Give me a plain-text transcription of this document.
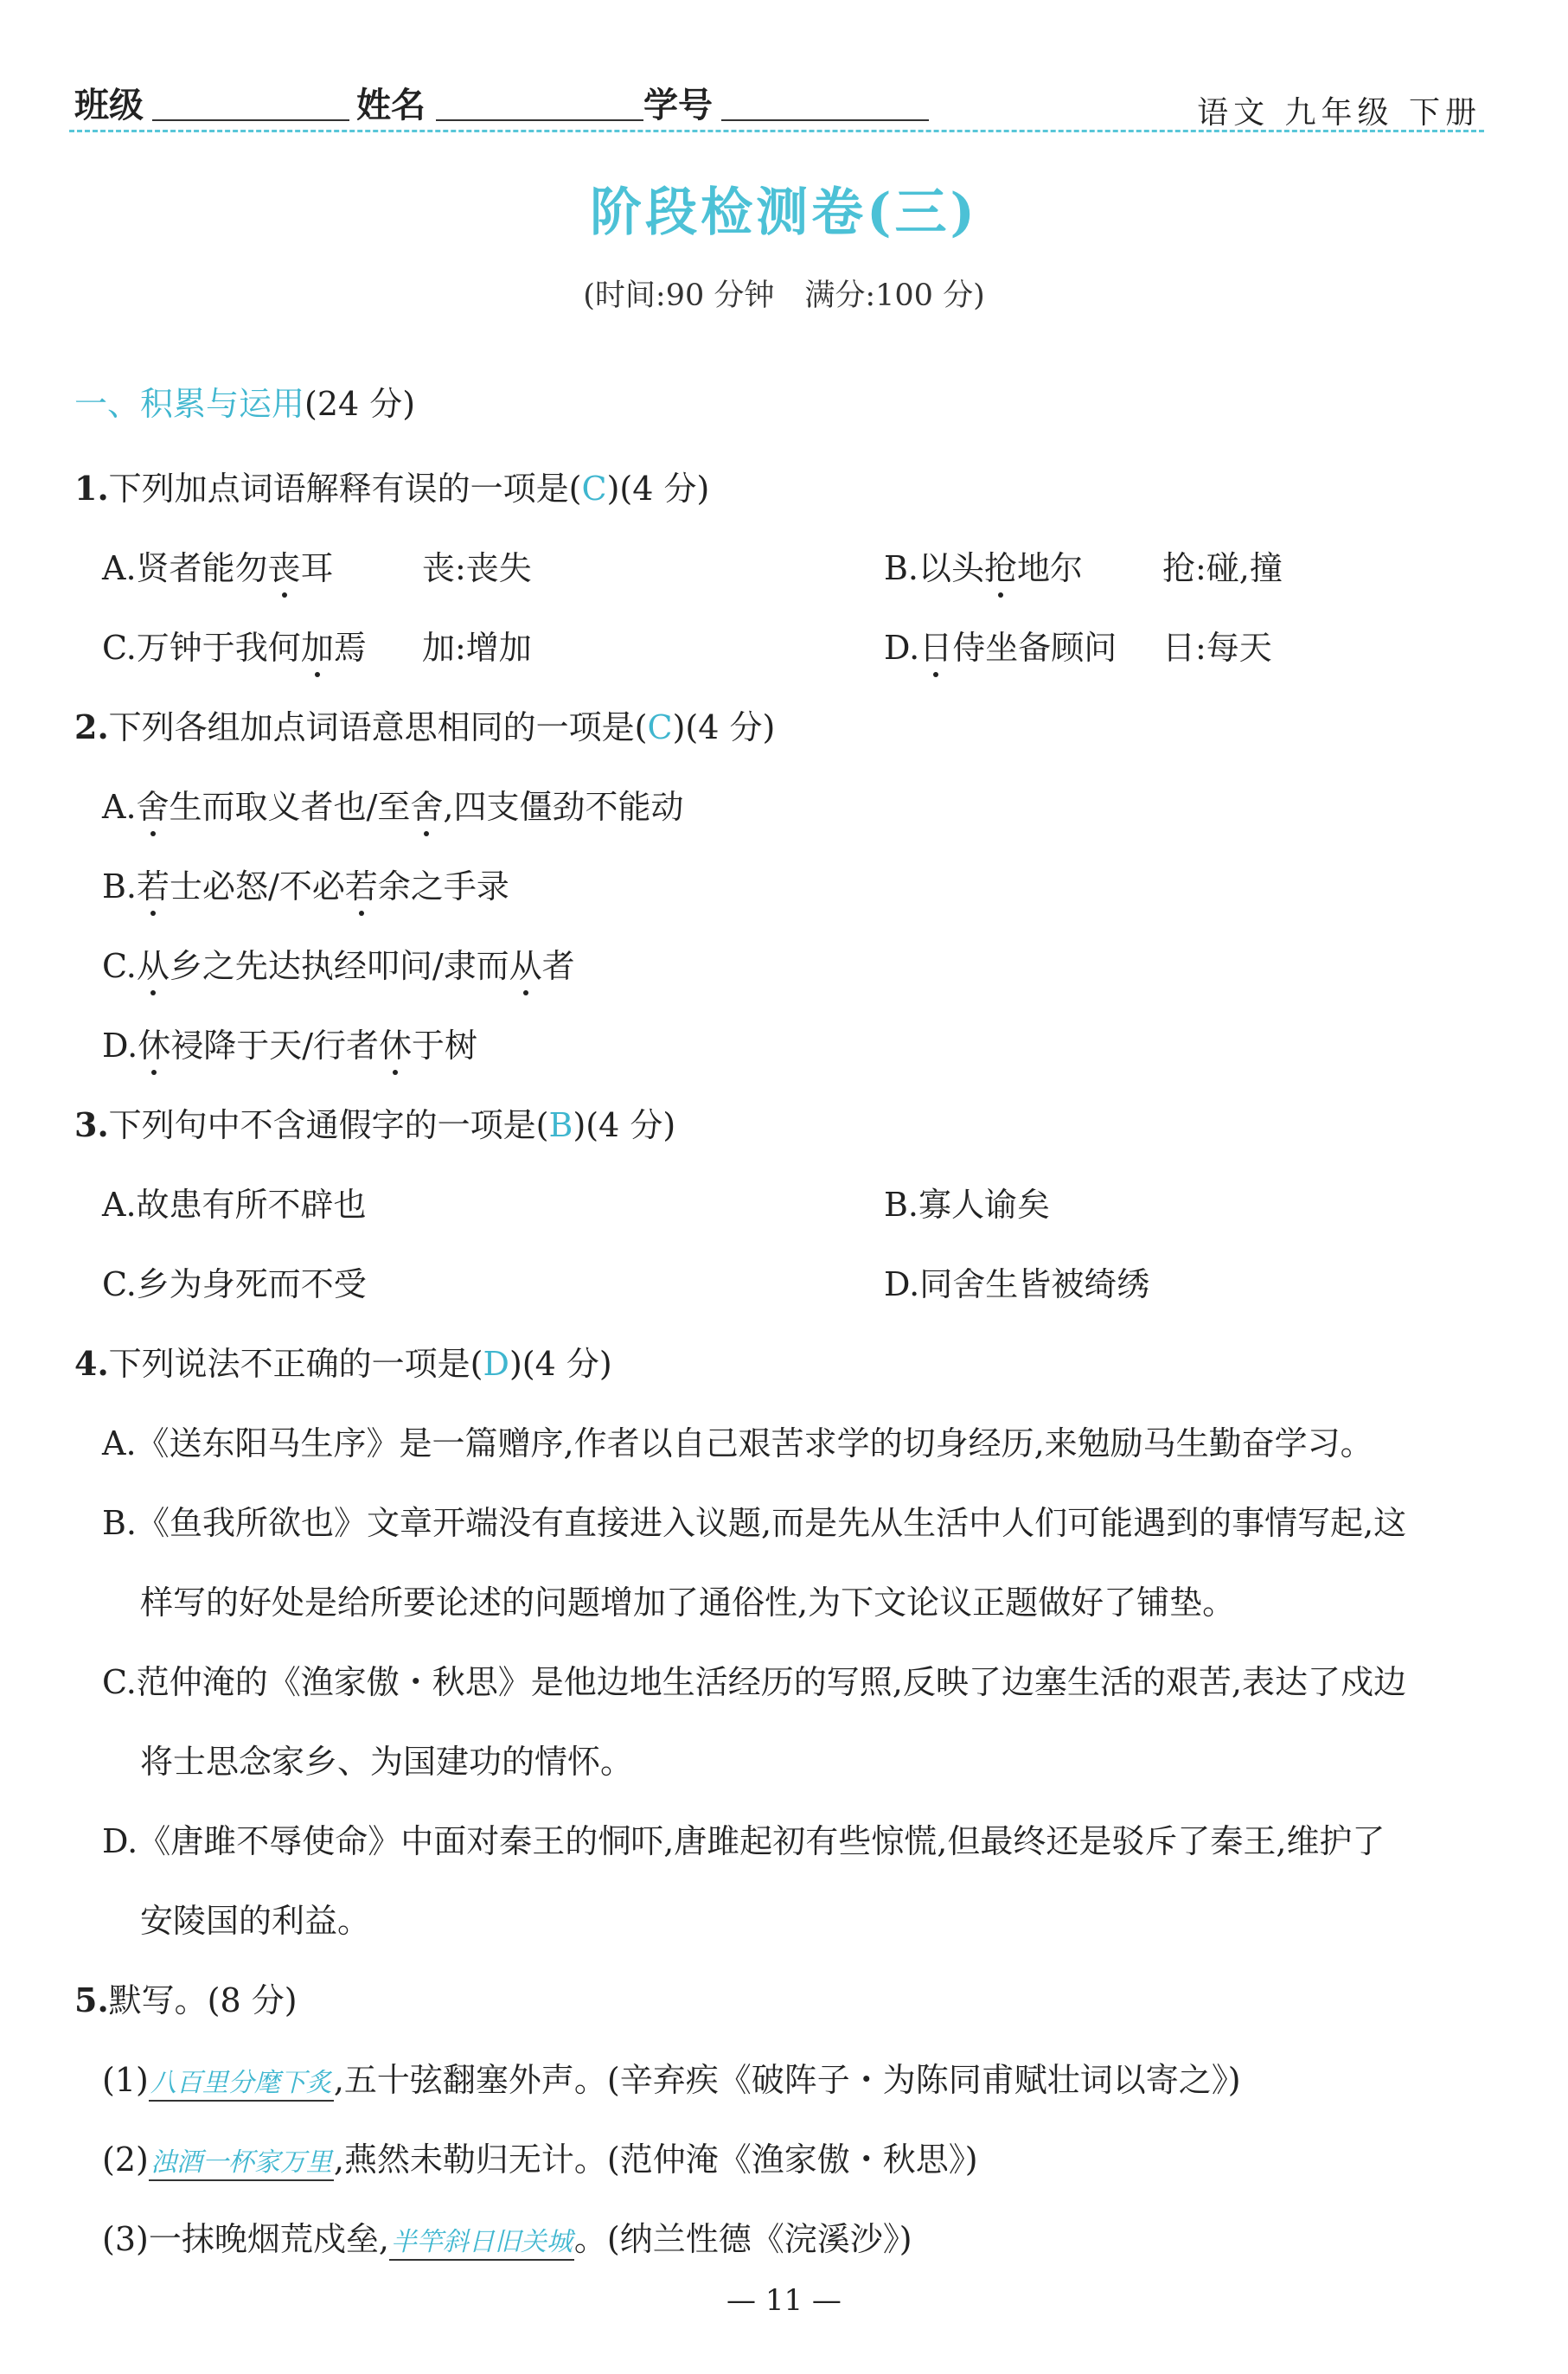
班级	姓名	学号	语文 九年级 下册
阶段检测卷(三)
(时间:90 分钟　满分:100 分)
一、积累与运用(24 分)
1.下列加点词语解释有误的一项是(C)(4 分)
A.贤者能勿丧耳	丧:丧失	B.以头抢地尔 抢:碰,撞
C.万钟于我何加焉 加:增加	D.日侍坐备顾问 日:每天
2.下列各组加点词语意思相同的一项是(C)(4 分)
A.舍生而取义者也/至舍,四支僵劲不能动
B.若士必怒/不必若余之手录
C.从乡之先达执经叩问/隶而从者
D.休祲降于天/行者休于树
3.下列句中不含通假字的一项是(B)(4 分)
A.故患有所不辟也	B.寡人谕矣
C.乡为身死而不受	D.同舍生皆被绮绣
4.下列说法不正确的一项是(D)(4 分)
A.《送东阳马生序》是一篇赠序,作者以自己艰苦求学的切身经历,来勉励马生勤奋学习。
B.《鱼我所欲也》文章开端没有直接进入议题,而是先从生活中人们可能遇到的事情写起,这
样写的好处是给所要论述的问题增加了通俗性,为下文论议正题做好了铺垫。
C.范仲淹的《渔家傲・秋思》是他边地生活经历的写照,反映了边塞生活的艰苦,表达了戍边
将士思念家乡、为国建功的情怀。
D.《唐雎不辱使命》中面对秦王的恫吓,唐雎起初有些惊慌,但最终还是驳斥了秦王,维护了
安陵国的利益。
5.默写。(8 分)
(1)八百里分麾下炙,五十弦翻塞外声。(辛弃疾《破阵子・为陈同甫赋壮词以寄之》)
(2)浊酒一杯家万里,燕然未勒归无计。(范仲淹《渔家傲・秋思》)
(3)一抹晚烟荒戍垒,半竿斜日旧关城。(纳兰性德《浣溪沙》)
— 11 —
